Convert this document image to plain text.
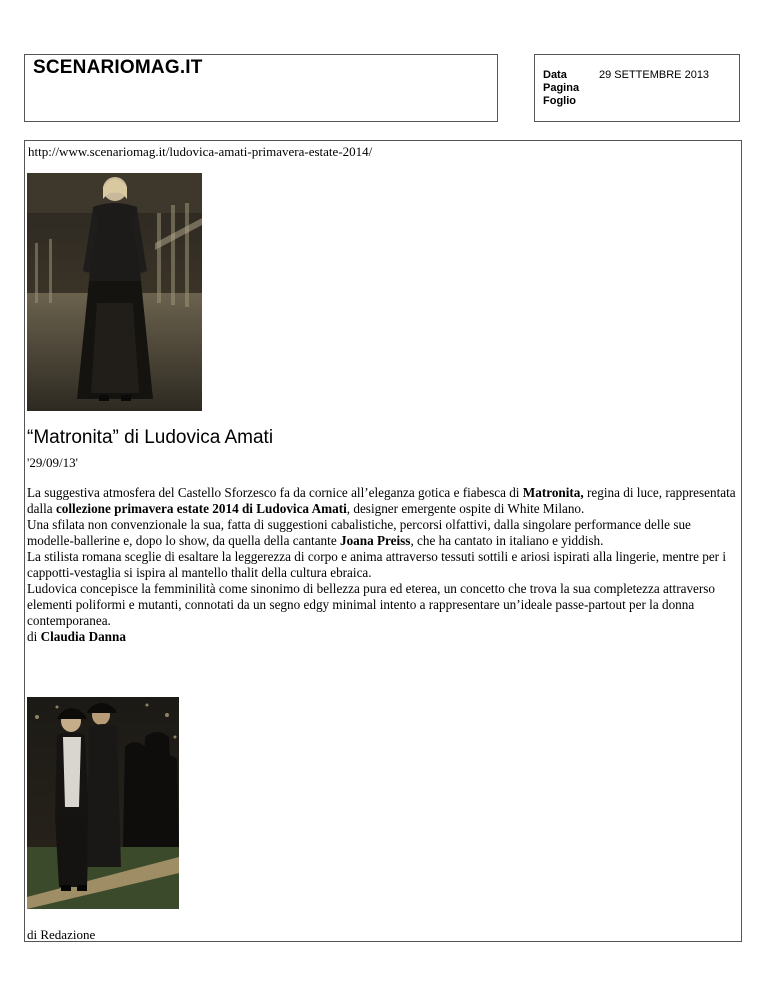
SCENARIOMAG.IT	Data
Pagina
Foglio
29 SETTEMBRE 2013
http://www.scenariomag.it/ludovica-amati-primavera-estate-2014/
“Matronita” di Ludovica Amati
'29/09/13'

La suggestiva atmosfera del Castello Sforzesco fa da cornice all’eleganza gotica e fiabesca di Matronita, regina di luce, rappresentata dalla collezione primavera estate 2014 di Ludovica Amati, designer emergente ospite di White Milano.

Una sfilata non convenzionale la sua, fatta di suggestioni cabalistiche, percorsi olfattivi, dalla singolare performance delle sue modelle-ballerine e, dopo lo show, da quella della cantante Joana Preiss, che ha cantato in italiano e yiddish.

La stilista romana sceglie di esaltare la leggerezza di corpo e anima attraverso tessuti sottili e ariosi ispirati alla lingerie, mentre per i cappotti-vestaglia si ispira al mantello thalit della cultura ebraica.

Ludovica concepisce la femminilità come sinonimo di bellezza pura ed eterea, un concetto che trova la sua completezza attraverso elementi poliformi e mutanti, connotati da un segno edgy minimal intento a rappresentare un’ideale passe-partout per la donna contemporanea.

di Claudia Danna

di Redazione
